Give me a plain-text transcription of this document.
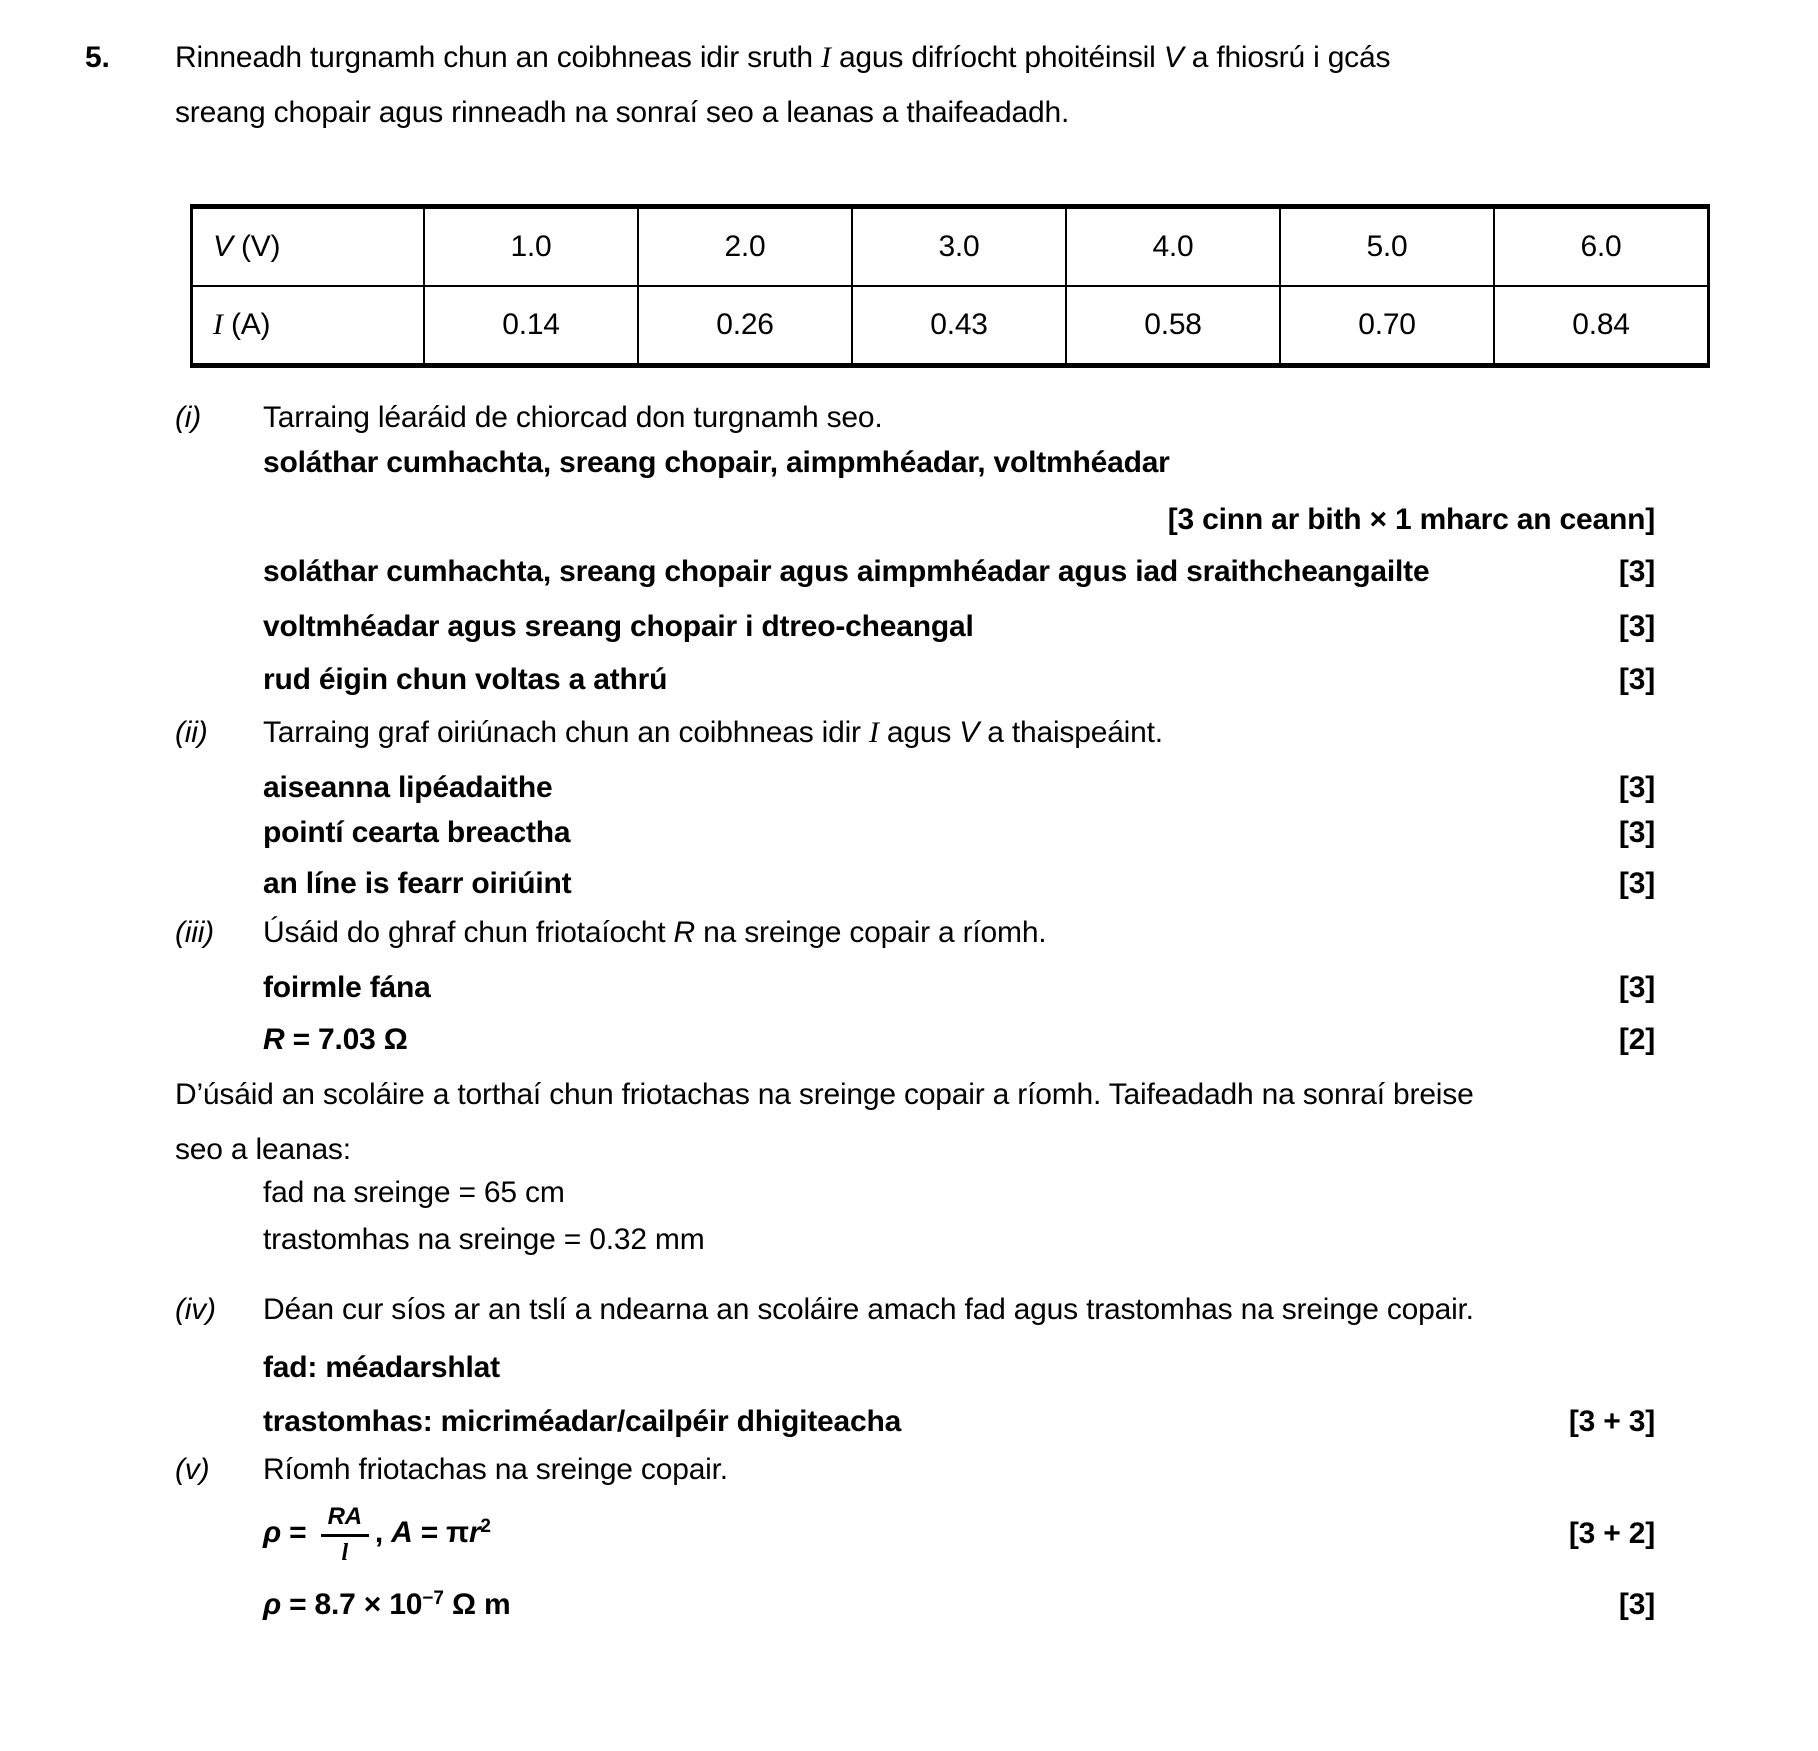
5. Rinneadh turgnamh chun an coibhneas idir sruth I agus difríocht phoitéinsil V a fhiosrú i gcás
sreang chopair agus rinneadh na sonraí seo a leanas a thaifeadadh.
V (V)	1.0	2.0	3.0	4.0	5.0	6.0
I (A)	0.14	0.26	0.43	0.58	0.70	0.84
(i)	Tarraing léaráid de chiorcad don turgnamh seo.
soláthar cumhachta, sreang chopair, aimpmhéadar, voltmhéadar
[3 cinn ar bith × 1 mharc an ceann]
soláthar cumhachta, sreang chopair agus aimpmhéadar agus iad sraithcheangailte	[3]
voltmhéadar agus sreang chopair i dtreo-cheangal	[3]
rud éigin chun voltas a athrú	[3]
(ii)	Tarraing graf oiriúnach chun an coibhneas idir I agus V a thaispeáint.
aiseanna lipéadaithe	[3]
pointí cearta breactha	[3]
an líne is fearr oiriúint	[3]
(iii)	Úsáid do ghraf chun friotaíocht R na sreinge copair a ríomh.
foirmle fána	[3]
R = 7.03 Ω	[2]
D’úsáid an scoláire a torthaí chun friotachas na sreinge copair a ríomh. Taifeadadh na sonraí breise
seo a leanas:
fad na sreinge = 65 cm
trastomhas na sreinge = 0.32 mm
(iv)	Déan cur síos ar an tslí a ndearna an scoláire amach fad agus trastomhas na sreinge copair.
fad: méadarshlat
trastomhas: micriméadar/cailpéir dhigiteacha	[3 + 3]
(v)	Ríomh friotachas na sreinge copair.
$\rho = \frac{RA}{l}$ , $A = \pi r^2$	[3 + 2]
$\rho = 8.7 \times 10^{-7}$ Ω m	[3]
